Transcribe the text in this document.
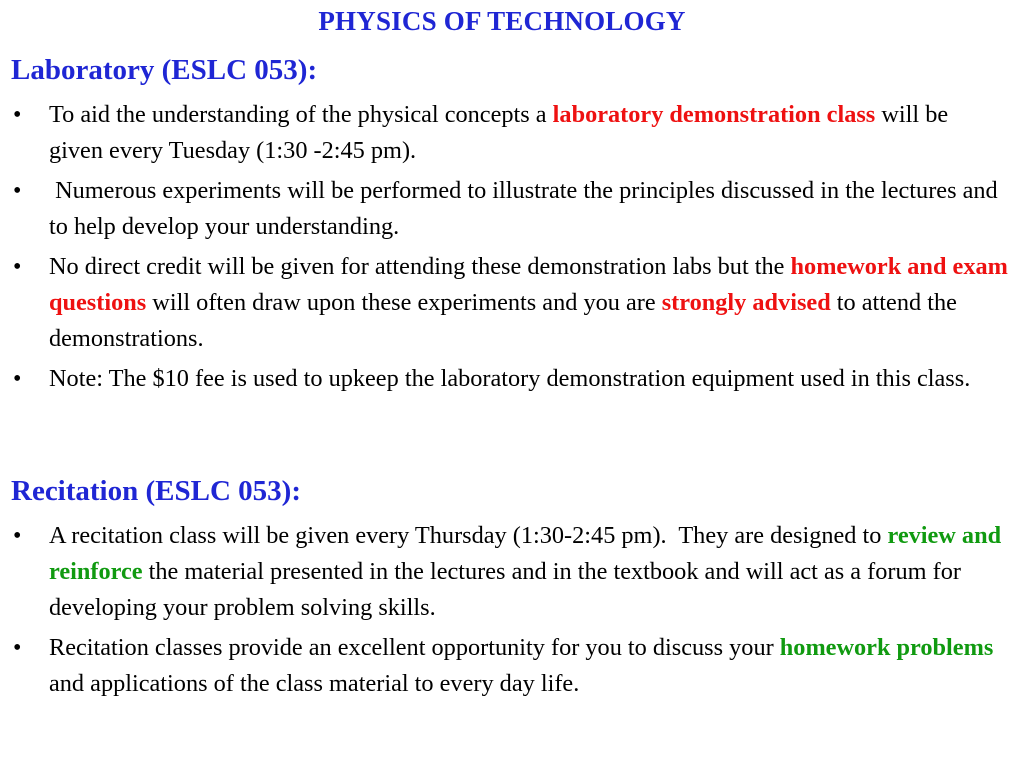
PHYSICS OF TECHNOLOGY
Laboratory (ESLC 053):
• To aid the understanding of the physical concepts a laboratory demonstration class will be given every Tuesday (1:30 -2:45 pm).
• Numerous experiments will be performed to illustrate the principles discussed in the lectures and to help develop your understanding.
• No direct credit will be given for attending these demonstration labs but the homework and exam questions will often draw upon these experiments and you are strongly advised to attend the demonstrations.
• Note: The $10 fee is used to upkeep the laboratory demonstration equipment used in this class.
Recitation (ESLC 053):
• A recitation class will be given every Thursday (1:30-2:45 pm).  They are designed to review and reinforce the material presented in the lectures and in the textbook and will act as a forum for developing your problem solving skills.
• Recitation classes provide an excellent opportunity for you to discuss your homework problems and applications of the class material to every day life.
